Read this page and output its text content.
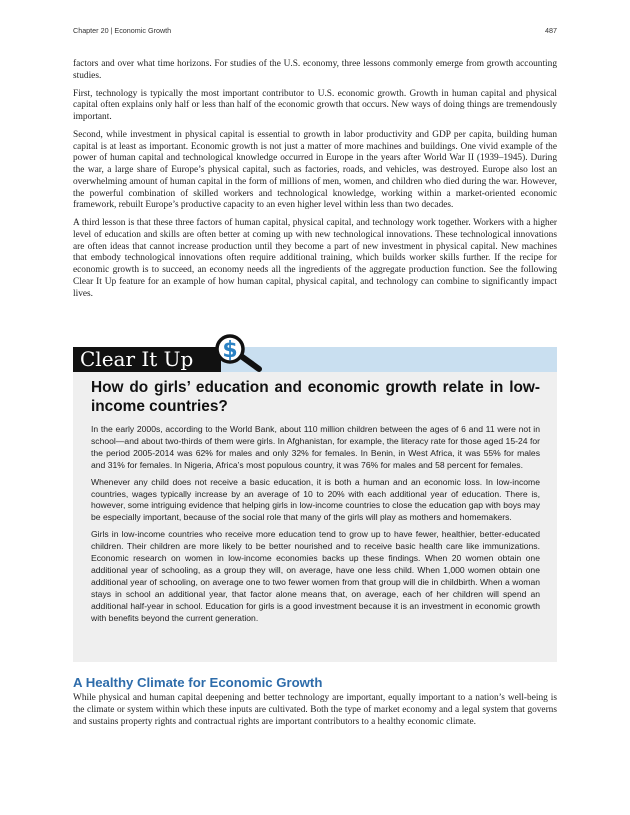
Chapter 20 | Economic Growth	487

factors and over what time horizons. For studies of the U.S. economy, three lessons commonly emerge from growth accounting studies.

First, technology is typically the most important contributor to U.S. economic growth. Growth in human capital and physical capital often explains only half or less than half of the economic growth that occurs. New ways of doing things are tremendously important.

Second, while investment in physical capital is essential to growth in labor productivity and GDP per capita, building human capital is at least as important. Economic growth is not just a matter of more machines and buildings. One vivid example of the power of human capital and technological knowledge occurred in Europe in the years after World War II (1939–1945). During the war, a large share of Europe’s physical capital, such as factories, roads, and vehicles, was destroyed. Europe also lost an overwhelming amount of human capital in the form of millions of men, women, and children who died during the war. However, the powerful combination of skilled workers and technological knowledge, working within a market-oriented economic framework, rebuilt Europe’s productive capacity to an even higher level within less than two decades.

A third lesson is that these three factors of human capital, physical capital, and technology work together. Workers with a higher level of education and skills are often better at coming up with new technological innovations. These technological innovations are often ideas that cannot increase production until they become a part of new investment in physical capital. New machines that embody technological innovations often require additional training, which builds worker skills further. If the recipe for economic growth is to succeed, an economy needs all the ingredients of the aggregate production function. See the following Clear It Up feature for an example of how human capital, physical capital, and technology can combine to significantly impact lives.

Clear It Up	$
How do girls’ education and economic growth relate in low-income countries?

In the early 2000s, according to the World Bank, about 110 million children between the ages of 6 and 11 were not in school—and about two-thirds of them were girls. In Afghanistan, for example, the literacy rate for those aged 15-24 for the period 2005-2014 was 62% for males and only 32% for females. In Benin, in West Africa, it was 55% for males and 31% for females. In Nigeria, Africa’s most populous country, it was 76% for males and 58 percent for females.

Whenever any child does not receive a basic education, it is both a human and an economic loss. In low-income countries, wages typically increase by an average of 10 to 20% with each additional year of education. There is, however, some intriguing evidence that helping girls in low-income countries to close the education gap with boys may be especially important, because of the social role that many of the girls will play as mothers and homemakers.

Girls in low-income countries who receive more education tend to grow up to have fewer, healthier, better-educated children. Their children are more likely to be better nourished and to receive basic health care like immunizations. Economic research on women in low-income economies backs up these findings. When 20 women obtain one additional year of schooling, as a group they will, on average, have one less child. When 1,000 women obtain one additional year of schooling, on average one to two fewer women from that group will die in childbirth. When a woman stays in school an additional year, that factor alone means that, on average, each of her children will spend an additional half-year in school. Education for girls is a good investment because it is an investment in economic growth with benefits beyond the current generation.

A Healthy Climate for Economic Growth

While physical and human capital deepening and better technology are important, equally important to a nation’s well-being is the climate or system within which these inputs are cultivated. Both the type of market economy and a legal system that governs and sustains property rights and contractual rights are important contributors to a healthy economic climate.
